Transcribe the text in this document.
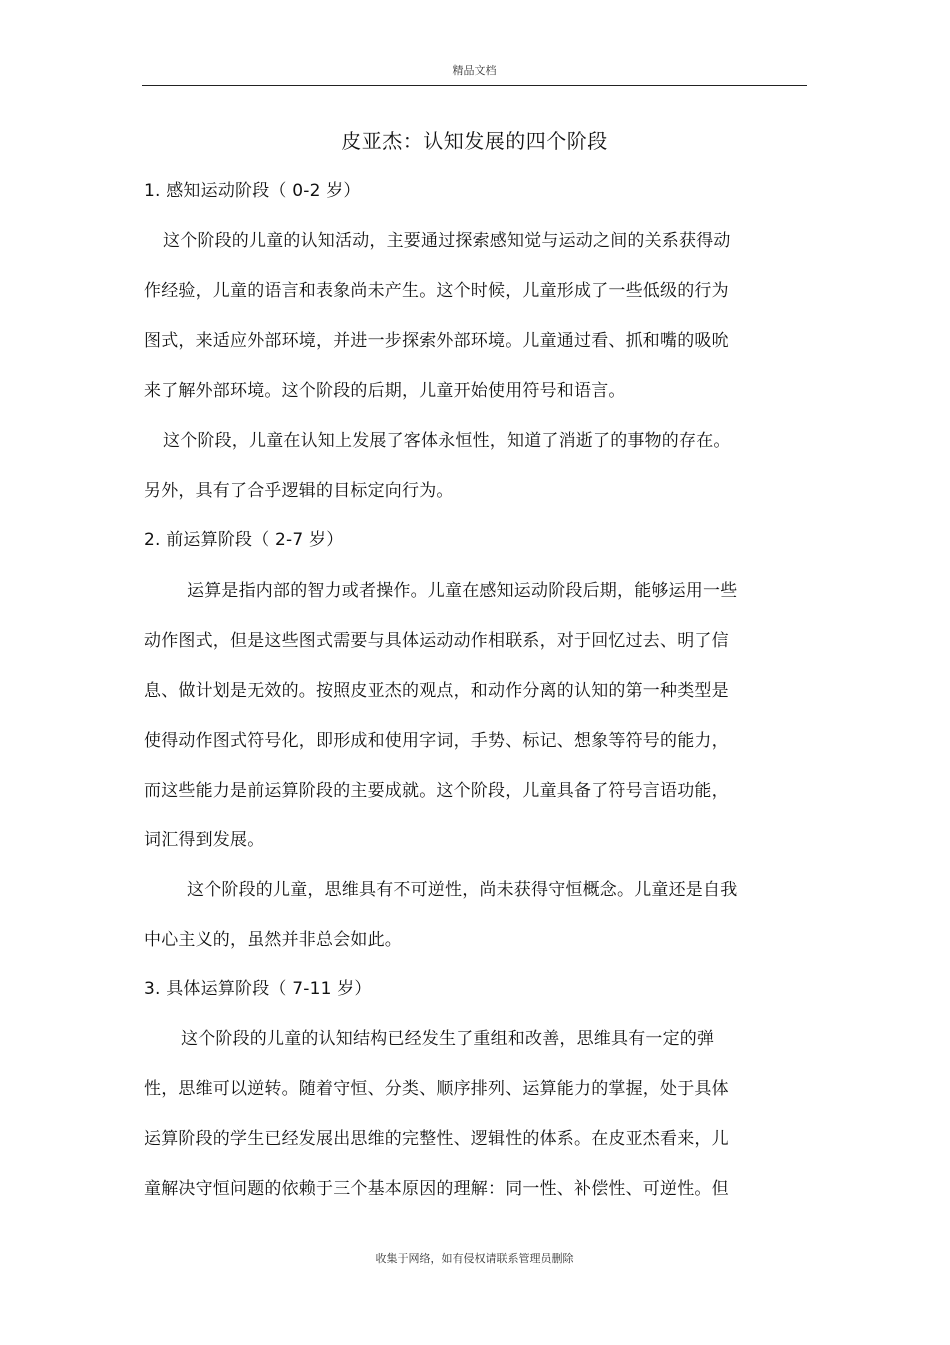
精品文档
皮亚杰：认知发展的四个阶段
1. 感知运动阶段（ 0-2 岁）
这个阶段的儿童的认知活动，主要通过探索感知觉与运动之间的关系获得动
作经验，儿童的语言和表象尚未产生。这个时候，儿童形成了一些低级的行为
图式，来适应外部环境，并进一步探索外部环境。儿童通过看、抓和嘴的吸吮
来了解外部环境。这个阶段的后期，儿童开始使用符号和语言。
这个阶段，儿童在认知上发展了客体永恒性，知道了消逝了的事物的存在。
另外，具有了合乎逻辑的目标定向行为。
2. 前运算阶段（ 2-7 岁）
运算是指内部的智力或者操作。儿童在感知运动阶段后期，能够运用一些
动作图式，但是这些图式需要与具体运动动作相联系，对于回忆过去、明了信
息、做计划是无效的。按照皮亚杰的观点，和动作分离的认知的第一种类型是
使得动作图式符号化，即形成和使用字词，手势、标记、想象等符号的能力，
而这些能力是前运算阶段的主要成就。这个阶段，儿童具备了符号言语功能，
词汇得到发展。
这个阶段的儿童，思维具有不可逆性，尚未获得守恒概念。儿童还是自我
中心主义的，虽然并非总会如此。
3. 具体运算阶段（ 7-11 岁）
这个阶段的儿童的认知结构已经发生了重组和改善，思维具有一定的弹
性，思维可以逆转。随着守恒、分类、顺序排列、运算能力的掌握，处于具体
运算阶段的学生已经发展出思维的完整性、逻辑性的体系。在皮亚杰看来，儿
童解决守恒问题的依赖于三个基本原因的理解：同一性、补偿性、可逆性。但
收集于网络，如有侵权请联系管理员删除
